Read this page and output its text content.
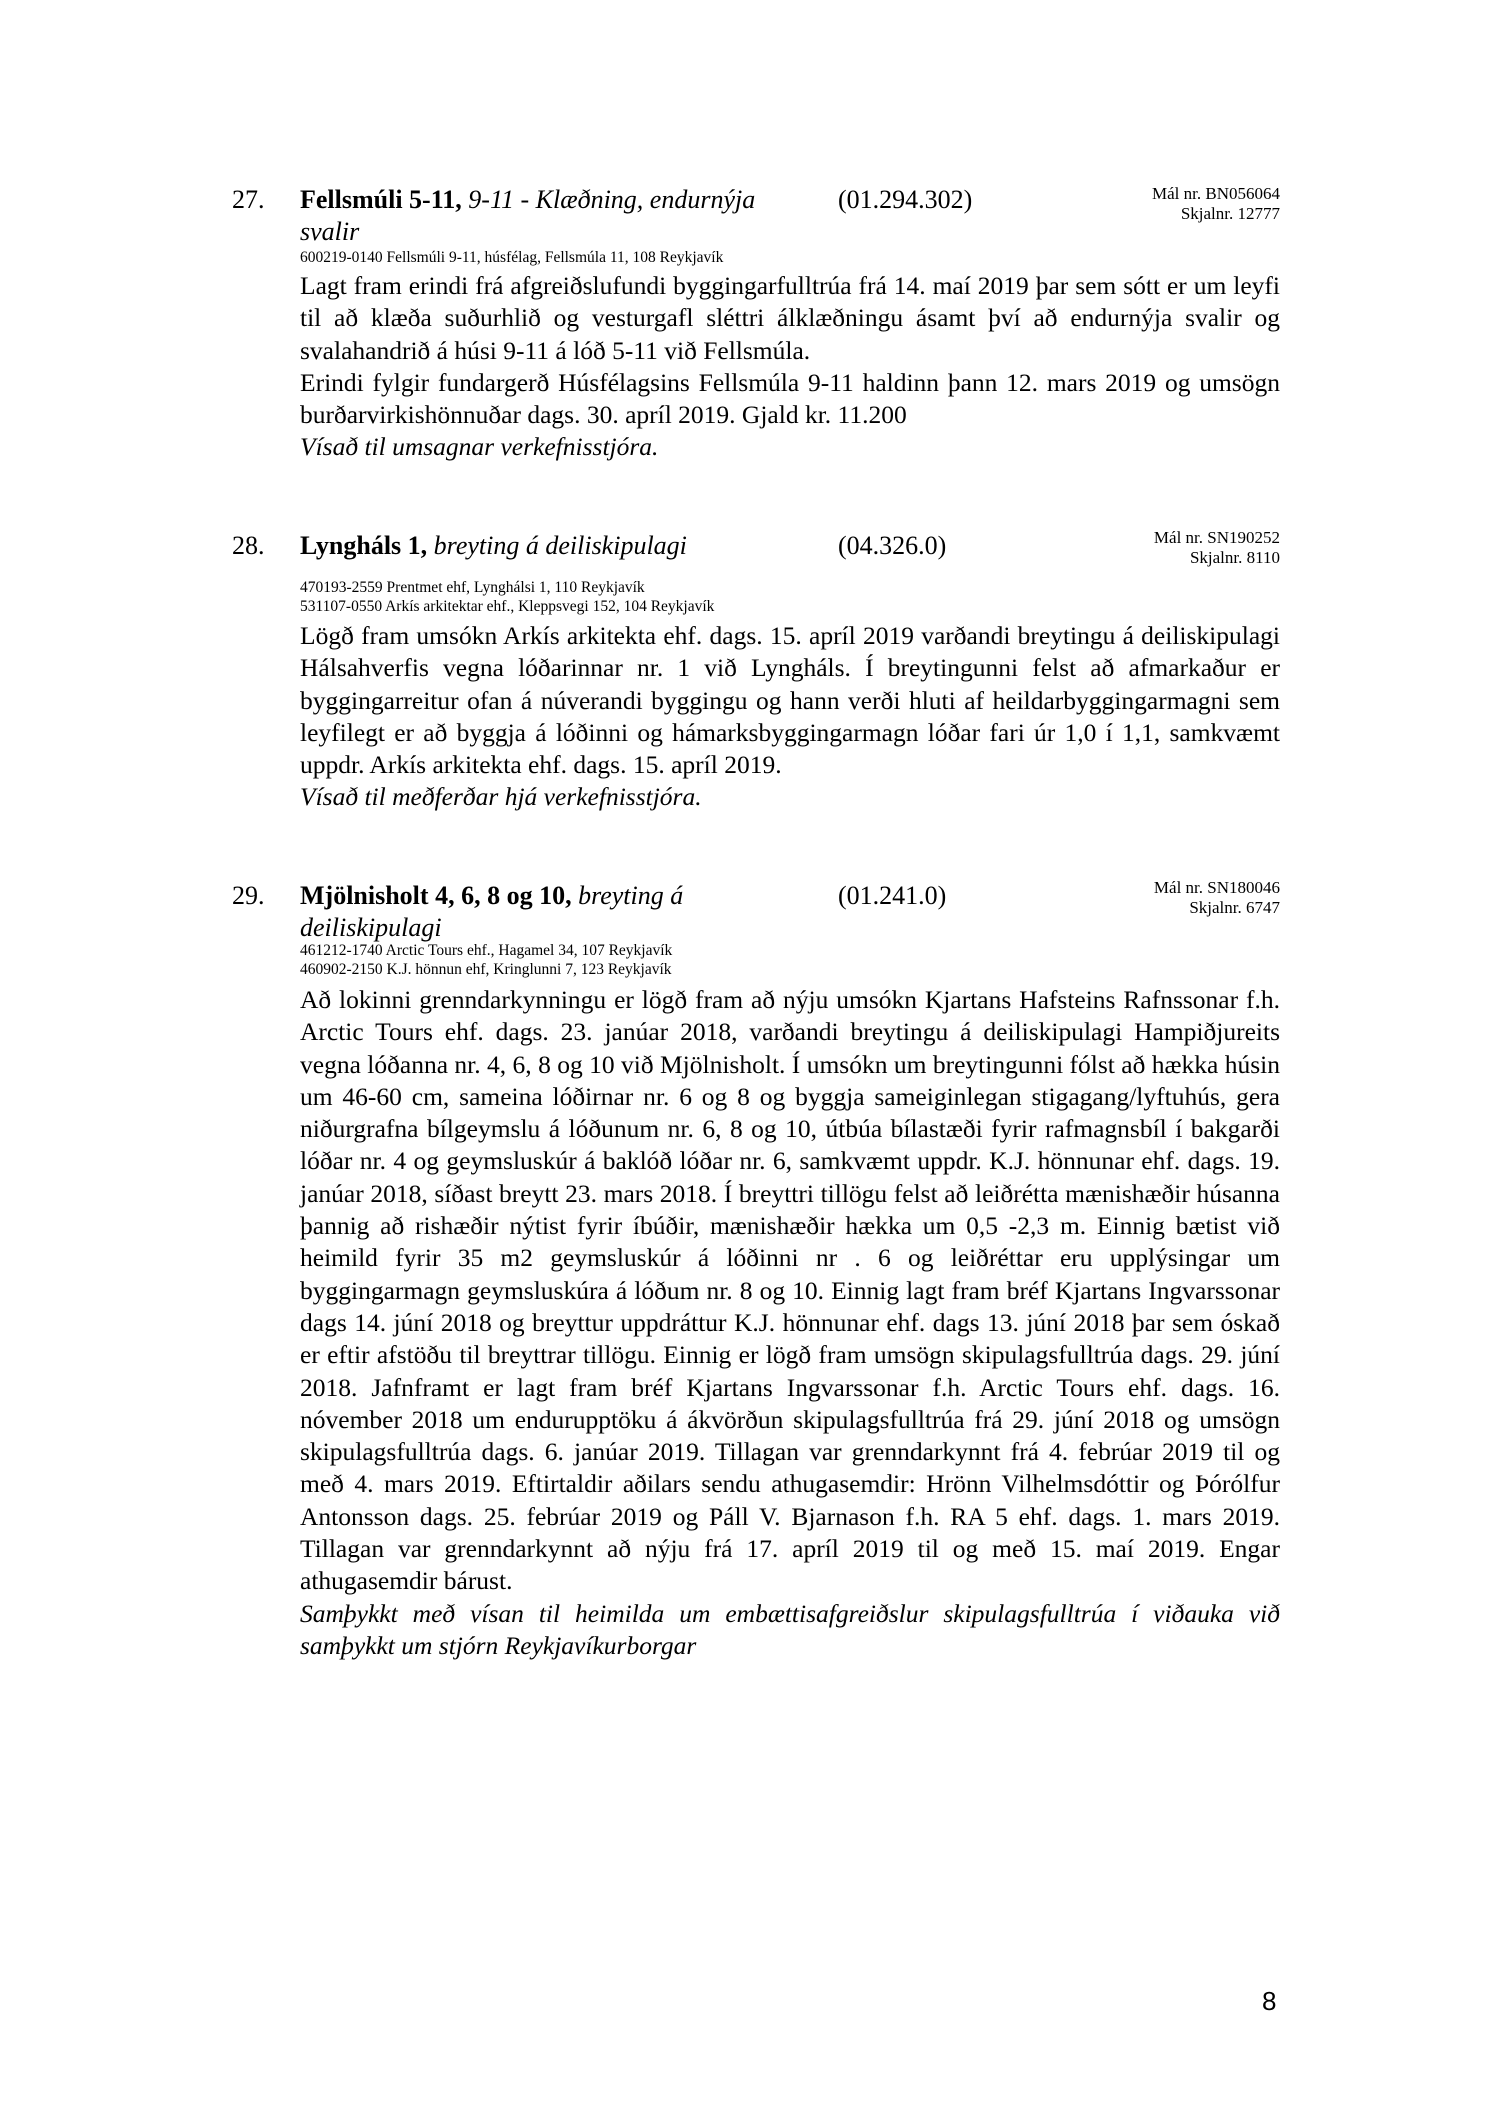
27. Fellsmúli 5-11, 9-11 - Klæðning, endurnýja svalir
(01.294.302)	Mál nr. BN056064
Skjalnr. 12777
600219-0140 Fellsmúli 9-11, húsfélag, Fellsmúla 11, 108 Reykjavík

Lagt fram erindi frá afgreiðslufundi byggingarfulltrúa frá 14. maí 2019 þar sem sótt er um leyfi til að klæða suðurhlið og vesturgafl sléttri álklæðningu ásamt því að endurnýja svalir og svalahandrið á húsi 9-11 á lóð 5-11 við Fellsmúla.

Erindi fylgir fundargerð Húsfélagsins Fellsmúla 9-11 haldinn þann 12. mars 2019 og umsögn burðarvirkishönnuðar dags. 30. apríl 2019. Gjald kr. 11.200

Vísað til umsagnar verkefnisstjóra.

28. Lyngháls 1, breyting á deiliskipulagi	(04.326.0)	Mál nr. SN190252
Skjalnr. 8110
470193-2559 Prentmet ehf, Lynghálsi 1, 110 Reykjavík
531107-0550 Arkís arkitektar ehf., Kleppsvegi 152, 104 Reykjavík

Lögð fram umsókn Arkís arkitekta ehf. dags. 15. apríl 2019 varðandi breytingu á deiliskipulagi Hálsahverfis vegna lóðarinnar nr. 1 við Lyngháls. Í breytingunni felst að afmarkaður er byggingarreitur ofan á núverandi byggingu og hann verði hluti af heildarbyggingarmagni sem leyfilegt er að byggja á lóðinni og hámarksbyggingarmagn lóðar fari úr 1,0 í 1,1, samkvæmt uppdr. Arkís arkitekta ehf. dags. 15. apríl 2019.

Vísað til meðferðar hjá verkefnisstjóra.

29. Mjölnisholt 4, 6, 8 og 10, breyting á deiliskipulagi
(01.241.0)	Mál nr. SN180046
Skjalnr. 6747
461212-1740 Arctic Tours ehf., Hagamel 34, 107 Reykjavík
460902-2150 K.J. hönnun ehf, Kringlunni 7, 123 Reykjavík

Að lokinni grenndarkynningu er lögð fram að nýju umsókn Kjartans Hafsteins Rafnssonar f.h. Arctic Tours ehf. dags. 23. janúar 2018, varðandi breytingu á deiliskipulagi Hampiðjureits vegna lóðanna nr. 4, 6, 8 og 10 við Mjölnisholt. Í umsókn um breytingunni fólst að hækka húsin um 46-60 cm, sameina lóðirnar nr. 6 og 8 og byggja sameiginlegan stigagang/lyftuhús, gera niðurgrafna bílgeymslu á lóðunum nr. 6, 8 og 10, útbúa bílastæði fyrir rafmagnsbíl í bakgarði lóðar nr. 4 og geymsluskúr á baklóð lóðar nr. 6, samkvæmt uppdr. K.J. hönnunar ehf. dags. 19. janúar 2018, síðast breytt 23. mars 2018. Í breyttri tillögu felst að leiðrétta mænishæðir húsanna þannig að rishæðir nýtist fyrir íbúðir, mænishæðir hækka um 0,5 -2,3 m. Einnig bætist við heimild fyrir 35 m2 geymsluskúr á lóðinni nr . 6 og leiðréttar eru upplýsingar um byggingarmagn geymsluskúra á lóðum nr. 8 og 10. Einnig lagt fram bréf Kjartans Ingvarssonar dags 14. júní 2018 og breyttur uppdráttur K.J. hönnunar ehf. dags 13. júní 2018 þar sem óskað er eftir afstöðu til breyttrar tillögu. Einnig er lögð fram umsögn skipulagsfulltrúa dags. 29. júní 2018. Jafnframt er lagt fram bréf Kjartans Ingvarssonar f.h. Arctic Tours ehf. dags. 16. nóvember 2018 um endurupptöku á ákvörðun skipulagsfulltrúa frá 29. júní 2018 og umsögn skipulagsfulltrúa dags. 6. janúar 2019. Tillagan var grenndarkynnt frá 4. febrúar 2019 til og með 4. mars 2019. Eftirtaldir aðilars sendu athugasemdir: Hrönn Vilhelmsdóttir og Þórólfur Antonsson dags. 25. febrúar 2019 og Páll V. Bjarnason f.h. RA 5 ehf. dags. 1. mars 2019. Tillagan var grenndarkynnt að nýju frá 17. apríl 2019 til og með 15. maí 2019. Engar athugasemdir bárust.

Samþykkt með vísan til heimilda um embættisafgreiðslur skipulagsfulltrúa í viðauka við samþykkt um stjórn Reykjavíkurborgar

8
